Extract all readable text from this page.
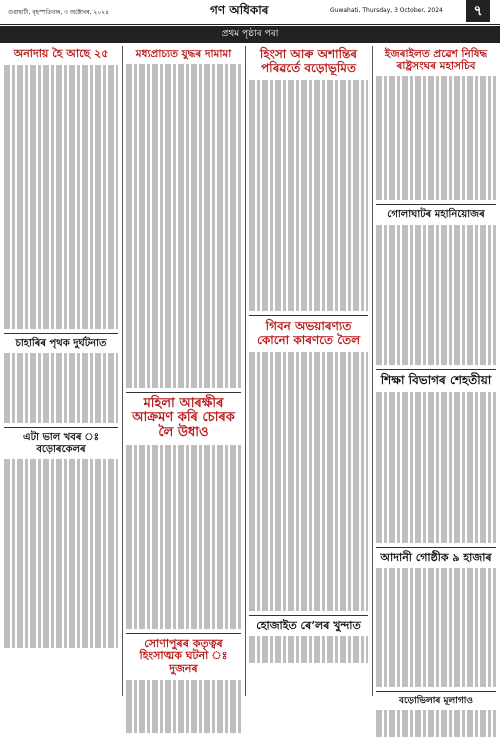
গুৱাহাটী, বৃহস্পতিবাৰ, ৩ অক্টোবৰ, ২০২৪	গণ অধিকাৰ	Guwahati, Thursday, 3 October, 2024	৭
প্ৰথম পৃষ্ঠাৰ পৰা
অনাদায় হৈ আছে ২৫
চাহাৰিৰ পৃথক দুৰ্ঘটনাত
এটা ভাল খবৰ ঃ বড়োৰকেলৰ
মধ্যপ্ৰাচ্যত যুদ্ধৰ দামামা
মহিলা আৰক্ষীৰ আক্ৰমণ কৰি চোৰক লৈ উধাও
সোণাপুৰৰ কতৃত্বৰ হিংসাত্মক ঘটনা ঃ দুজনৰ
হিংসা আৰু অশান্তিৰ পৰিৱৰ্তে বড়োভূমিত
গিবন অভয়াৰণ্যত কোনো কাৰণতে তৈল
হোজাইত ৰে’লৰ খুন্দাত
ইজৰাইলত প্ৰৱেশ নিষিদ্ধ ৰাষ্ট্ৰসংঘৰ মহাসচিব
গোলাঘাটৰ মহানিয়োজৰ
শিক্ষা বিভাগৰ শেহতীয়া
আদানী গোষ্ঠীক ৯ হাজাৰ
বড়োভিলাৰ মূলাগাও
